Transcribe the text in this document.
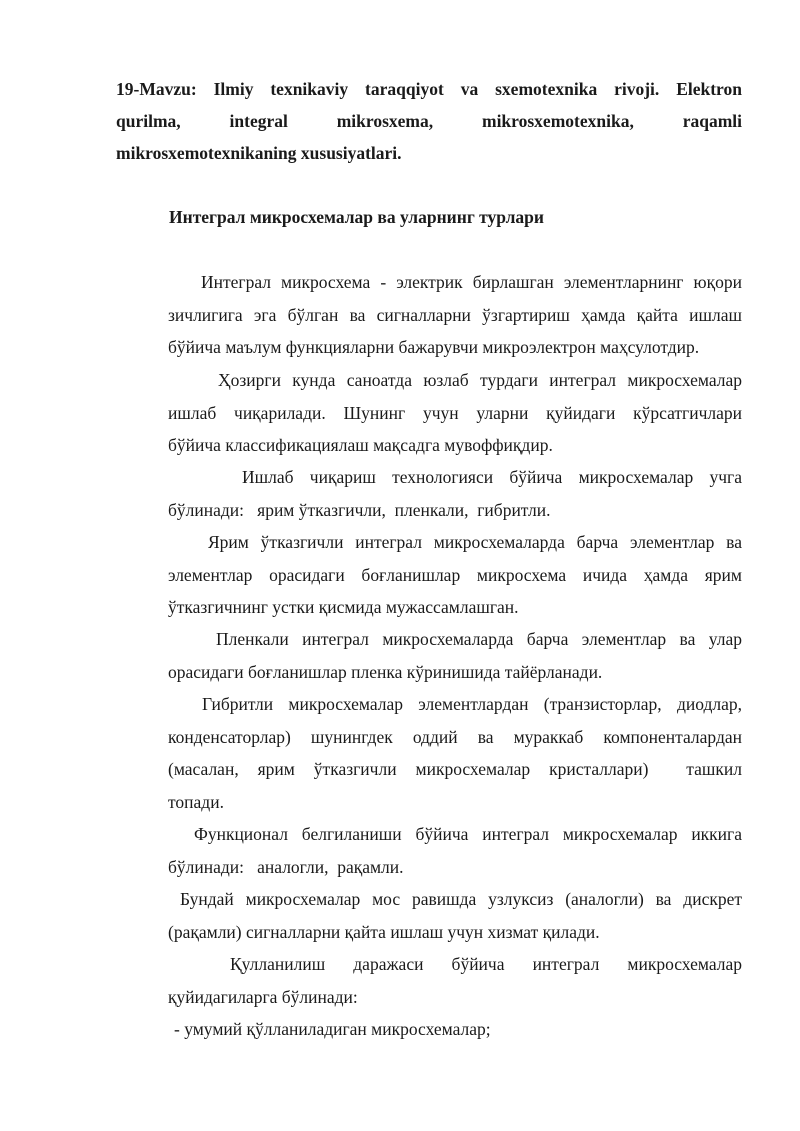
19-Mavzu: Ilmiy texnikaviy taraqqiyot va sxemotexnika rivoji. Elektron
qurilma, integral mikrosxema, mikrosxemotexnika, raqamli
mikrosxemotexnikaning xususiyatlari.
Интеграл микросхемалар ва уларнинг турлари
Интеграл микросхема - электрик бирлашган элементларнинг юқори
зичлигига эга бўлган ва сигналларни ўзгартириш ҳамда қайта ишлаш
бўйича маълум функцияларни бажарувчи микроэлектрон маҳсулотдир.
Ҳозирги кунда саноатда юзлаб турдаги интеграл микросхемалар
ишлаб чиқарилади. Шунинг учун уларни қуйидаги кўрсатгичлари
бўйича классификациялаш мақсадга мувоффиқдир.
Ишлаб чиқариш технологияси бўйича микросхемалар учга
бўлинади:   ярим ўтказгичли,  пленкали,  гибритли.
Ярим ўтказгичли интеграл микросхемаларда барча элементлар ва
элементлар орасидаги боғланишлар микросхема ичида ҳамда ярим
ўтказгичнинг устки қисмида мужассамлашган.
Пленкали интеграл микросхемаларда барча элементлар ва улар
орасидаги боғланишлар пленка кўринишида тайёрланади.
Гибритли микросхемалар элементлардан (транзисторлар, диодлар,
конденсаторлар) шунингдек оддий ва мураккаб компоненталардан
(масалан, ярим ўтказгичли микросхемалар кристаллари)  ташкил
топади.
Функционал белгиланиши бўйича интеграл микросхемалар иккига
бўлинади:   аналогли,  рақамли.
Бундай микросхемалар мос равишда узлуксиз (аналогли) ва дискрет
(рақамли) сигналларни қайта ишлаш учун хизмат қилади.
Қулланилиш даражаси бўйича интеграл микросхемалар
қуйидагиларга бўлинади:
- умумий қўлланиладиган микросхемалар;
